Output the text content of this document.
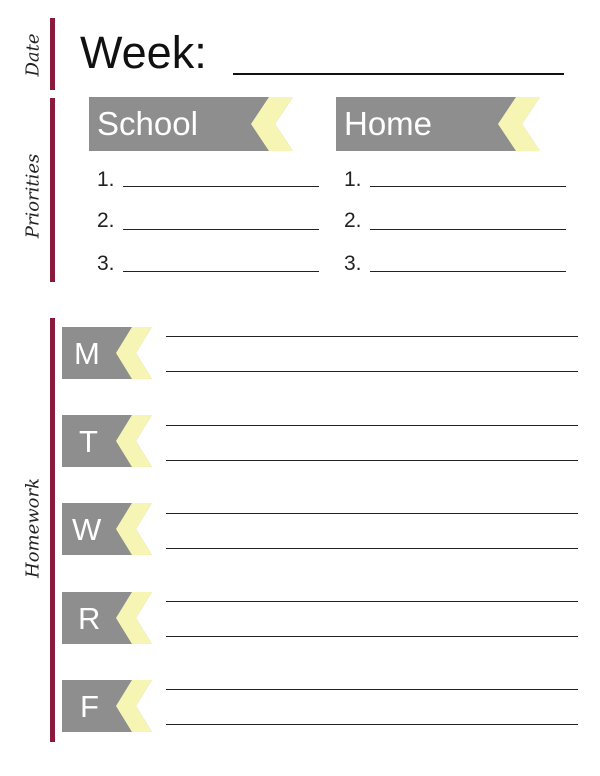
Date
Priorities
Homework
Week:
School	Home
1.
2.
3.
1.
2.
3.
M
T
W
R
F
